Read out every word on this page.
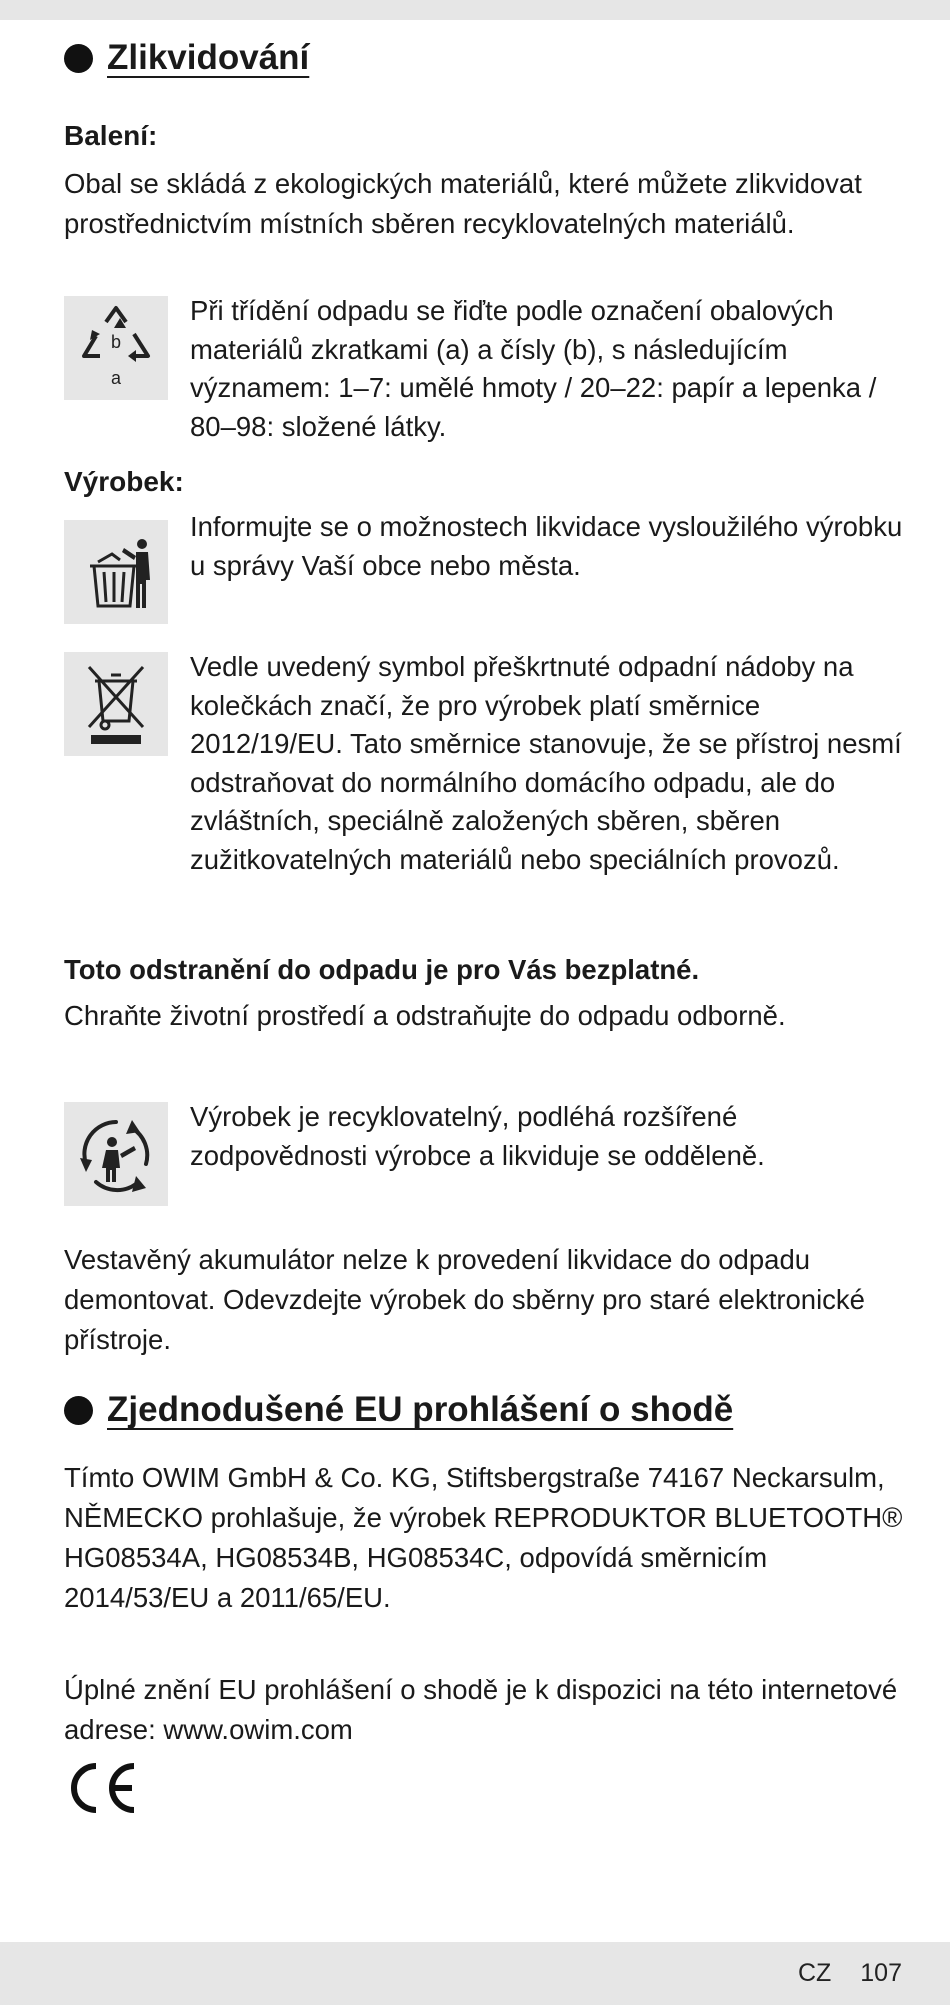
Zlikvidování
Balení:

Obal se skládá z ekologických materiálů, které můžete zlikvidovat prostřednictvím místních sběren recyklovatelných materiálů.

b
a

Při třídění odpadu se řiďte podle označení obalových materiálů zkratkami (a) a čísly (b), s následujícím významem: 1–7: umělé hmoty / 20–22: papír a lepenka / 80–98: složené látky.

Výrobek:

Informujte se o možnostech likvidace vysloužilého výrobku u správy Vaší obce nebo města.

Vedle uvedený symbol přeškrtnuté odpadní nádoby na kolečkách značí, že pro výrobek platí směrnice 2012/19/EU. Tato směrnice stanovuje, že se přístroj nesmí odstraňovat do normálního domácího odpadu, ale do zvláštních, speciálně založených sběren, sběren zužitkovatelných materiálů nebo speciálních provozů.

Toto odstranění do odpadu je pro Vás bezplatné.

Chraňte životní prostředí a odstraňujte do odpadu odborně.

Výrobek je recyklovatelný, podléhá rozšířené zodpovědnosti výrobce a likviduje se odděleně.

Vestavěný akumulátor nelze k provedení likvidace do odpadu demontovat. Odevzdejte výrobek do sběrny pro staré elektronické přístroje.

Zjednodušené EU prohlášení o shodě

Tímto OWIM GmbH & Co. KG, Stiftsbergstraße 74167 Neckarsulm, NĚMECKO prohlašuje, že výrobek REPRODUKTOR BLUETOOTH® HG08534A, HG08534B, HG08534C, odpovídá směrnicím 2014/53/EU a 2011/65/EU.

Úplné znění EU prohlášení o shodě je k dispozici na této internetové adrese: www.owim.com

CZ 107
